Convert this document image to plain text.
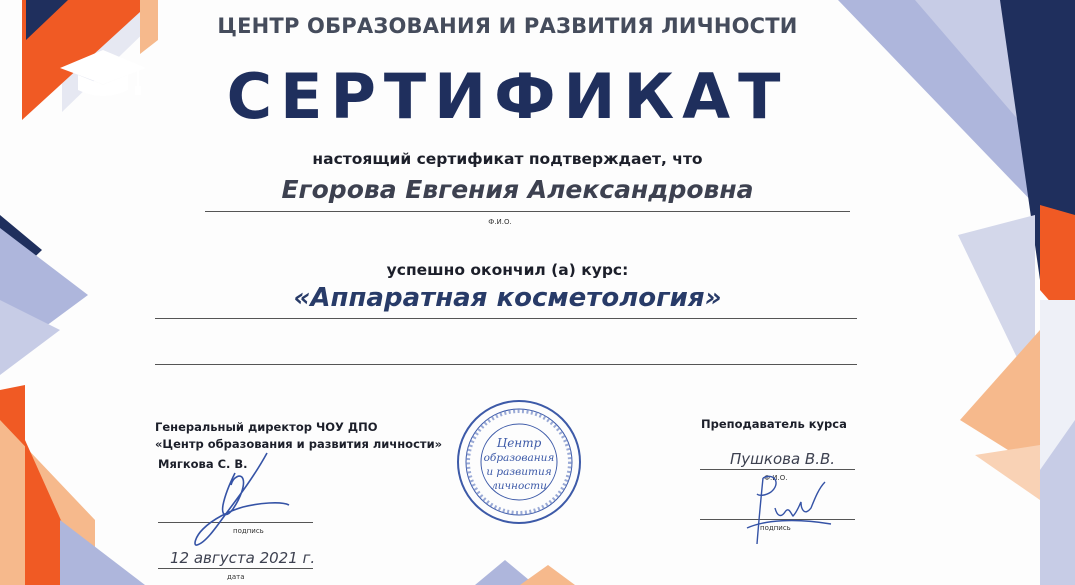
ЦЕНТР ОБРАЗОВАНИЯ И РАЗВИТИЯ ЛИЧНОСТИ
СЕРТИФИКАТ
настоящий сертификат подтверждает, что
Егорова Евгения Александровна
Ф.И.О.
успешно окончил (а) курс:
«Аппаратная косметология»
Генеральный директор ЧОУ ДПО
«Центр образования и развития личности»
Мягкова С. В.
подпись
12 августа 2021 г.
дата
Центр
образования
и развития
личности
Преподаватель курса
Пушкова В.В.
Ф.И.О.
подпись
